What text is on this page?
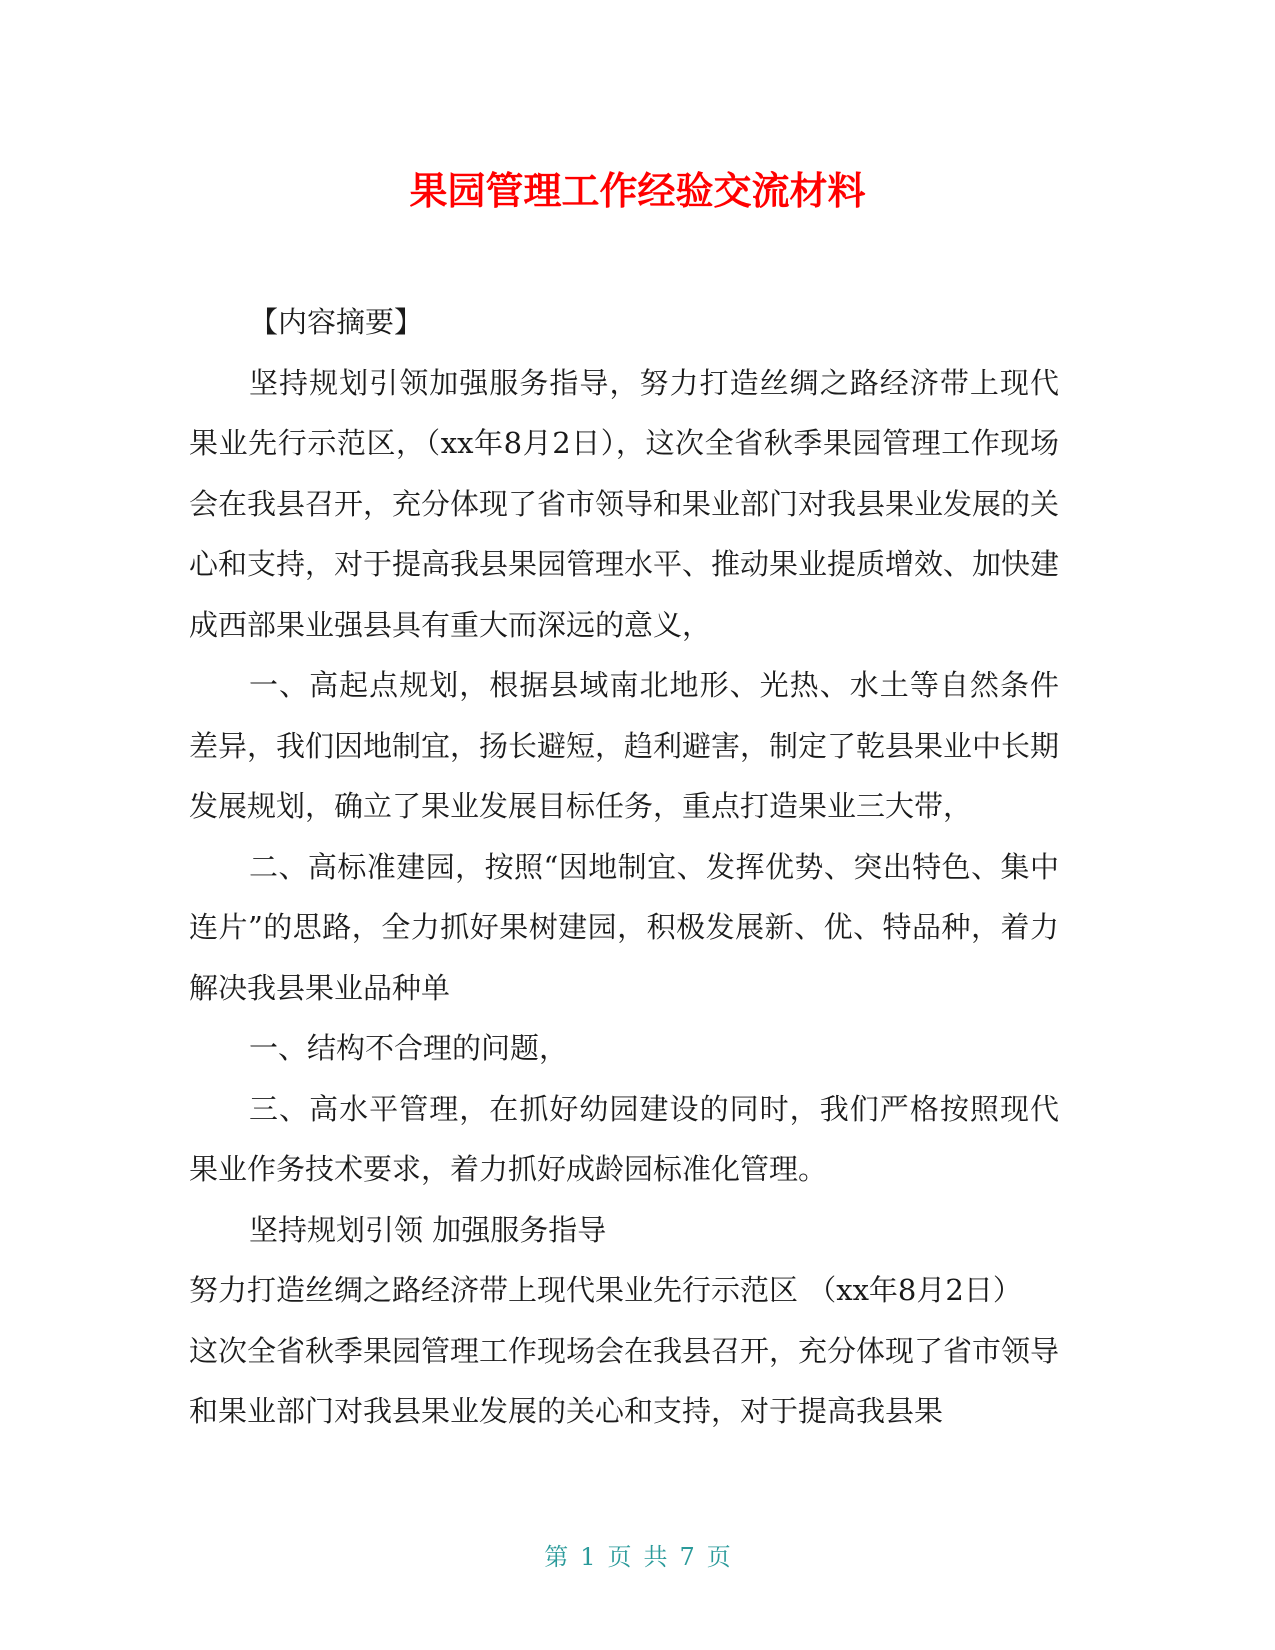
果园管理工作经验交流材料

【内容摘要】

坚持规划引领加强服务指导，努力打造丝绸之路经济带上现代果业先行示范区，（xx年8月2日），这次全省秋季果园管理工作现场会在我县召开，充分体现了省市领导和果业部门对我县果业发展的关心和支持，对于提高我县果园管理水平、推动果业提质增效、加快建成西部果业强县具有重大而深远的意义，

一、高起点规划，根据县域南北地形、光热、水土等自然条件差异，我们因地制宜，扬长避短，趋利避害，制定了乾县果业中长期发展规划，确立了果业发展目标任务，重点打造果业三大带，

二、高标准建园，按照“因地制宜、发挥优势、突出特色、集中连片”的思路，全力抓好果树建园，积极发展新、优、特品种，着力解决我县果业品种单

一、结构不合理的问题，

三、高水平管理，在抓好幼园建设的同时，我们严格按照现代果业作务技术要求，着力抓好成龄园标准化管理。

坚持规划引领 加强服务指导

努力打造丝绸之路经济带上现代果业先行示范区 （xx年8月2日）

这次全省秋季果园管理工作现场会在我县召开，充分体现了省市领导和果业部门对我县果业发展的关心和支持，对于提高我县果

第 1 页 共 7 页
